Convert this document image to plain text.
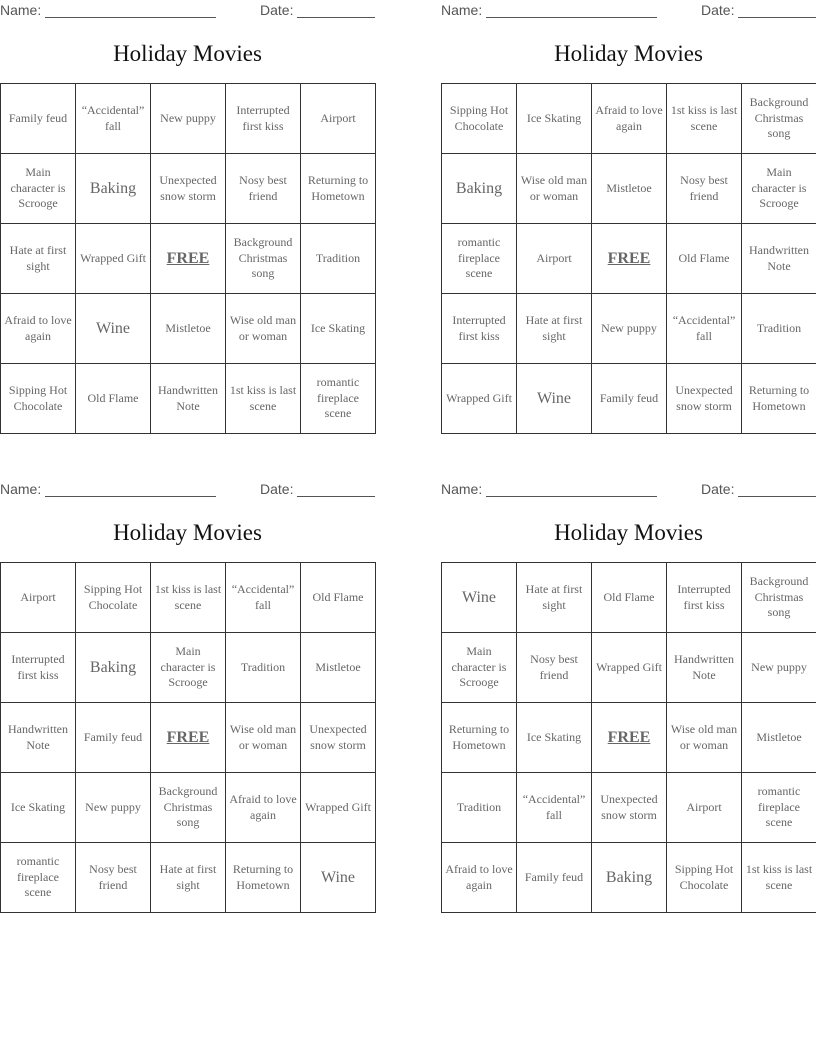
Name:	Date:
Holiday Movies
Family feud	“Accidental” fall	New puppy	Interrupted first kiss	Airport
Main character is Scrooge	Baking	Unexpected snow storm	Nosy best friend	Returning to Hometown
Hate at first sight	Wrapped Gift	FREE	Background Christmas song	Tradition
Afraid to love again	Wine	Mistletoe	Wise old man or woman	Ice Skating
Sipping Hot Chocolate	Old Flame	Handwritten Note	1st kiss is last scene	romantic fireplace scene
Name:	Date:
Holiday Movies
Sipping Hot Chocolate	Ice Skating	Afraid to love again	1st kiss is last scene	Background Christmas song
Baking	Wise old man or woman	Mistletoe	Nosy best friend	Main character is Scrooge
romantic fireplace scene	Airport	FREE	Old Flame	Handwritten Note
Interrupted first kiss	Hate at first sight	New puppy	“Accidental” fall	Tradition
Wrapped Gift	Wine	Family feud	Unexpected snow storm	Returning to Hometown
Name:	Date:
Holiday Movies
Airport	Sipping Hot Chocolate	1st kiss is last scene	“Accidental” fall	Old Flame
Interrupted first kiss	Baking	Main character is Scrooge	Tradition	Mistletoe
Handwritten Note	Family feud	FREE	Wise old man or woman	Unexpected snow storm
Ice Skating	New puppy	Background Christmas song	Afraid to love again	Wrapped Gift
romantic fireplace scene	Nosy best friend	Hate at first sight	Returning to Hometown	Wine
Name:	Date:
Holiday Movies
Wine	Hate at first sight	Old Flame	Interrupted first kiss	Background Christmas song
Main character is Scrooge	Nosy best friend	Wrapped Gift	Handwritten Note	New puppy
Returning to Hometown	Ice Skating	FREE	Wise old man or woman	Mistletoe
Tradition	“Accidental” fall	Unexpected snow storm	Airport	romantic fireplace scene
Afraid to love again	Family feud	Baking	Sipping Hot Chocolate	1st kiss is last scene
